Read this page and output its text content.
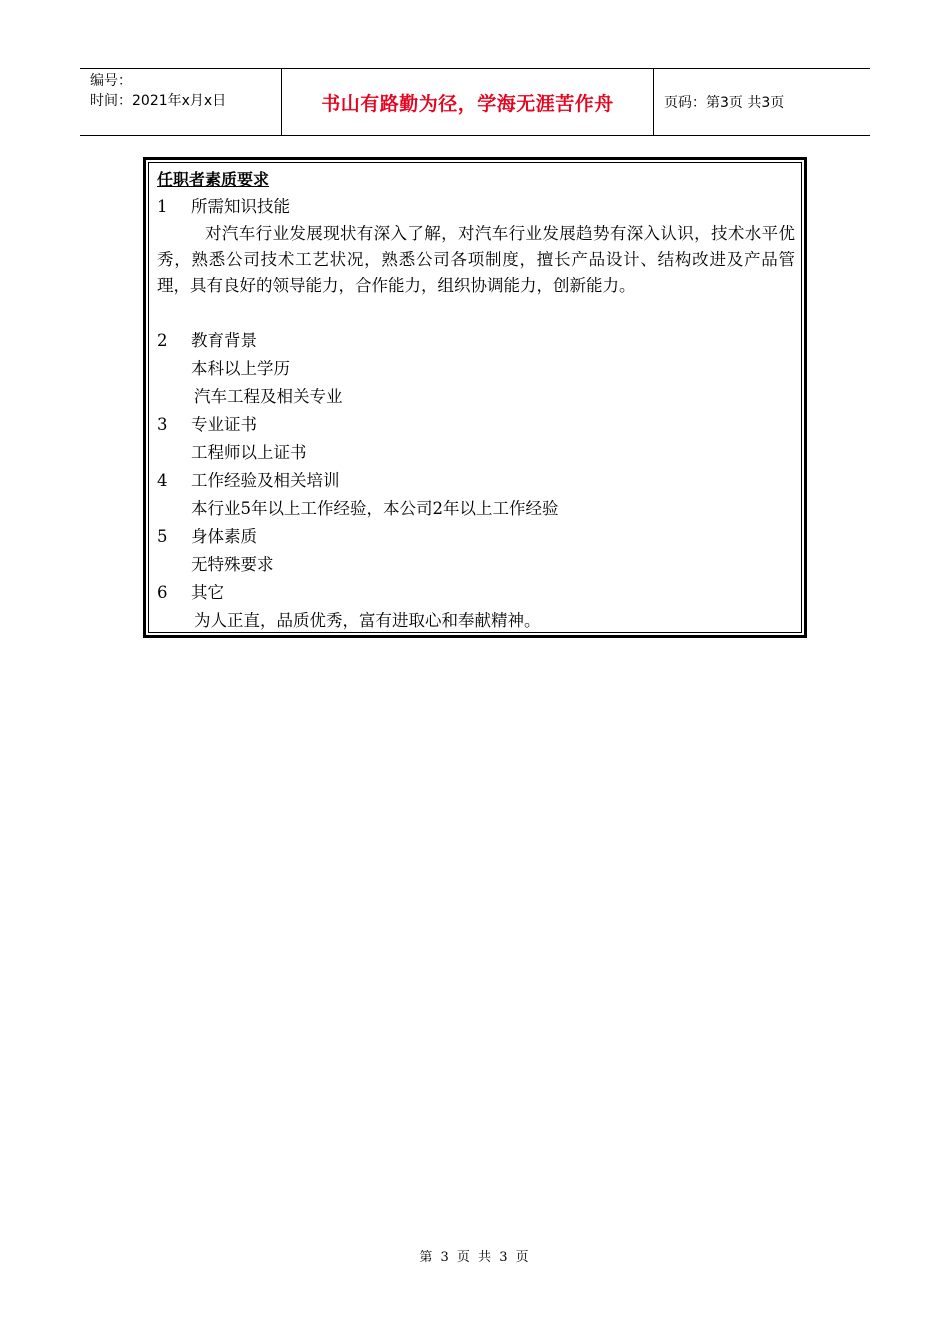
编号：
时间：2021年x月x日	书山有路勤为径，学海无涯苦作舟	页码：第3页 共3页
任职者素质要求
1	所需知识技能

对汽车行业发展现状有深入了解，对汽车行业发展趋势有深入认识，技术水平优秀，熟悉公司技术工艺状况，熟悉公司各项制度，擅长产品设计、结构改进及产品管理，具有良好的领导能力，合作能力，组织协调能力，创新能力。

2	教育背景
本科以上学历
汽车工程及相关专业
3	专业证书
工程师以上证书
4	工作经验及相关培训
本行业5年以上工作经验，本公司2年以上工作经验
5	身体素质
无特殊要求
6	其它
为人正直，品质优秀，富有进取心和奉献精神。
第 3 页 共 3 页
